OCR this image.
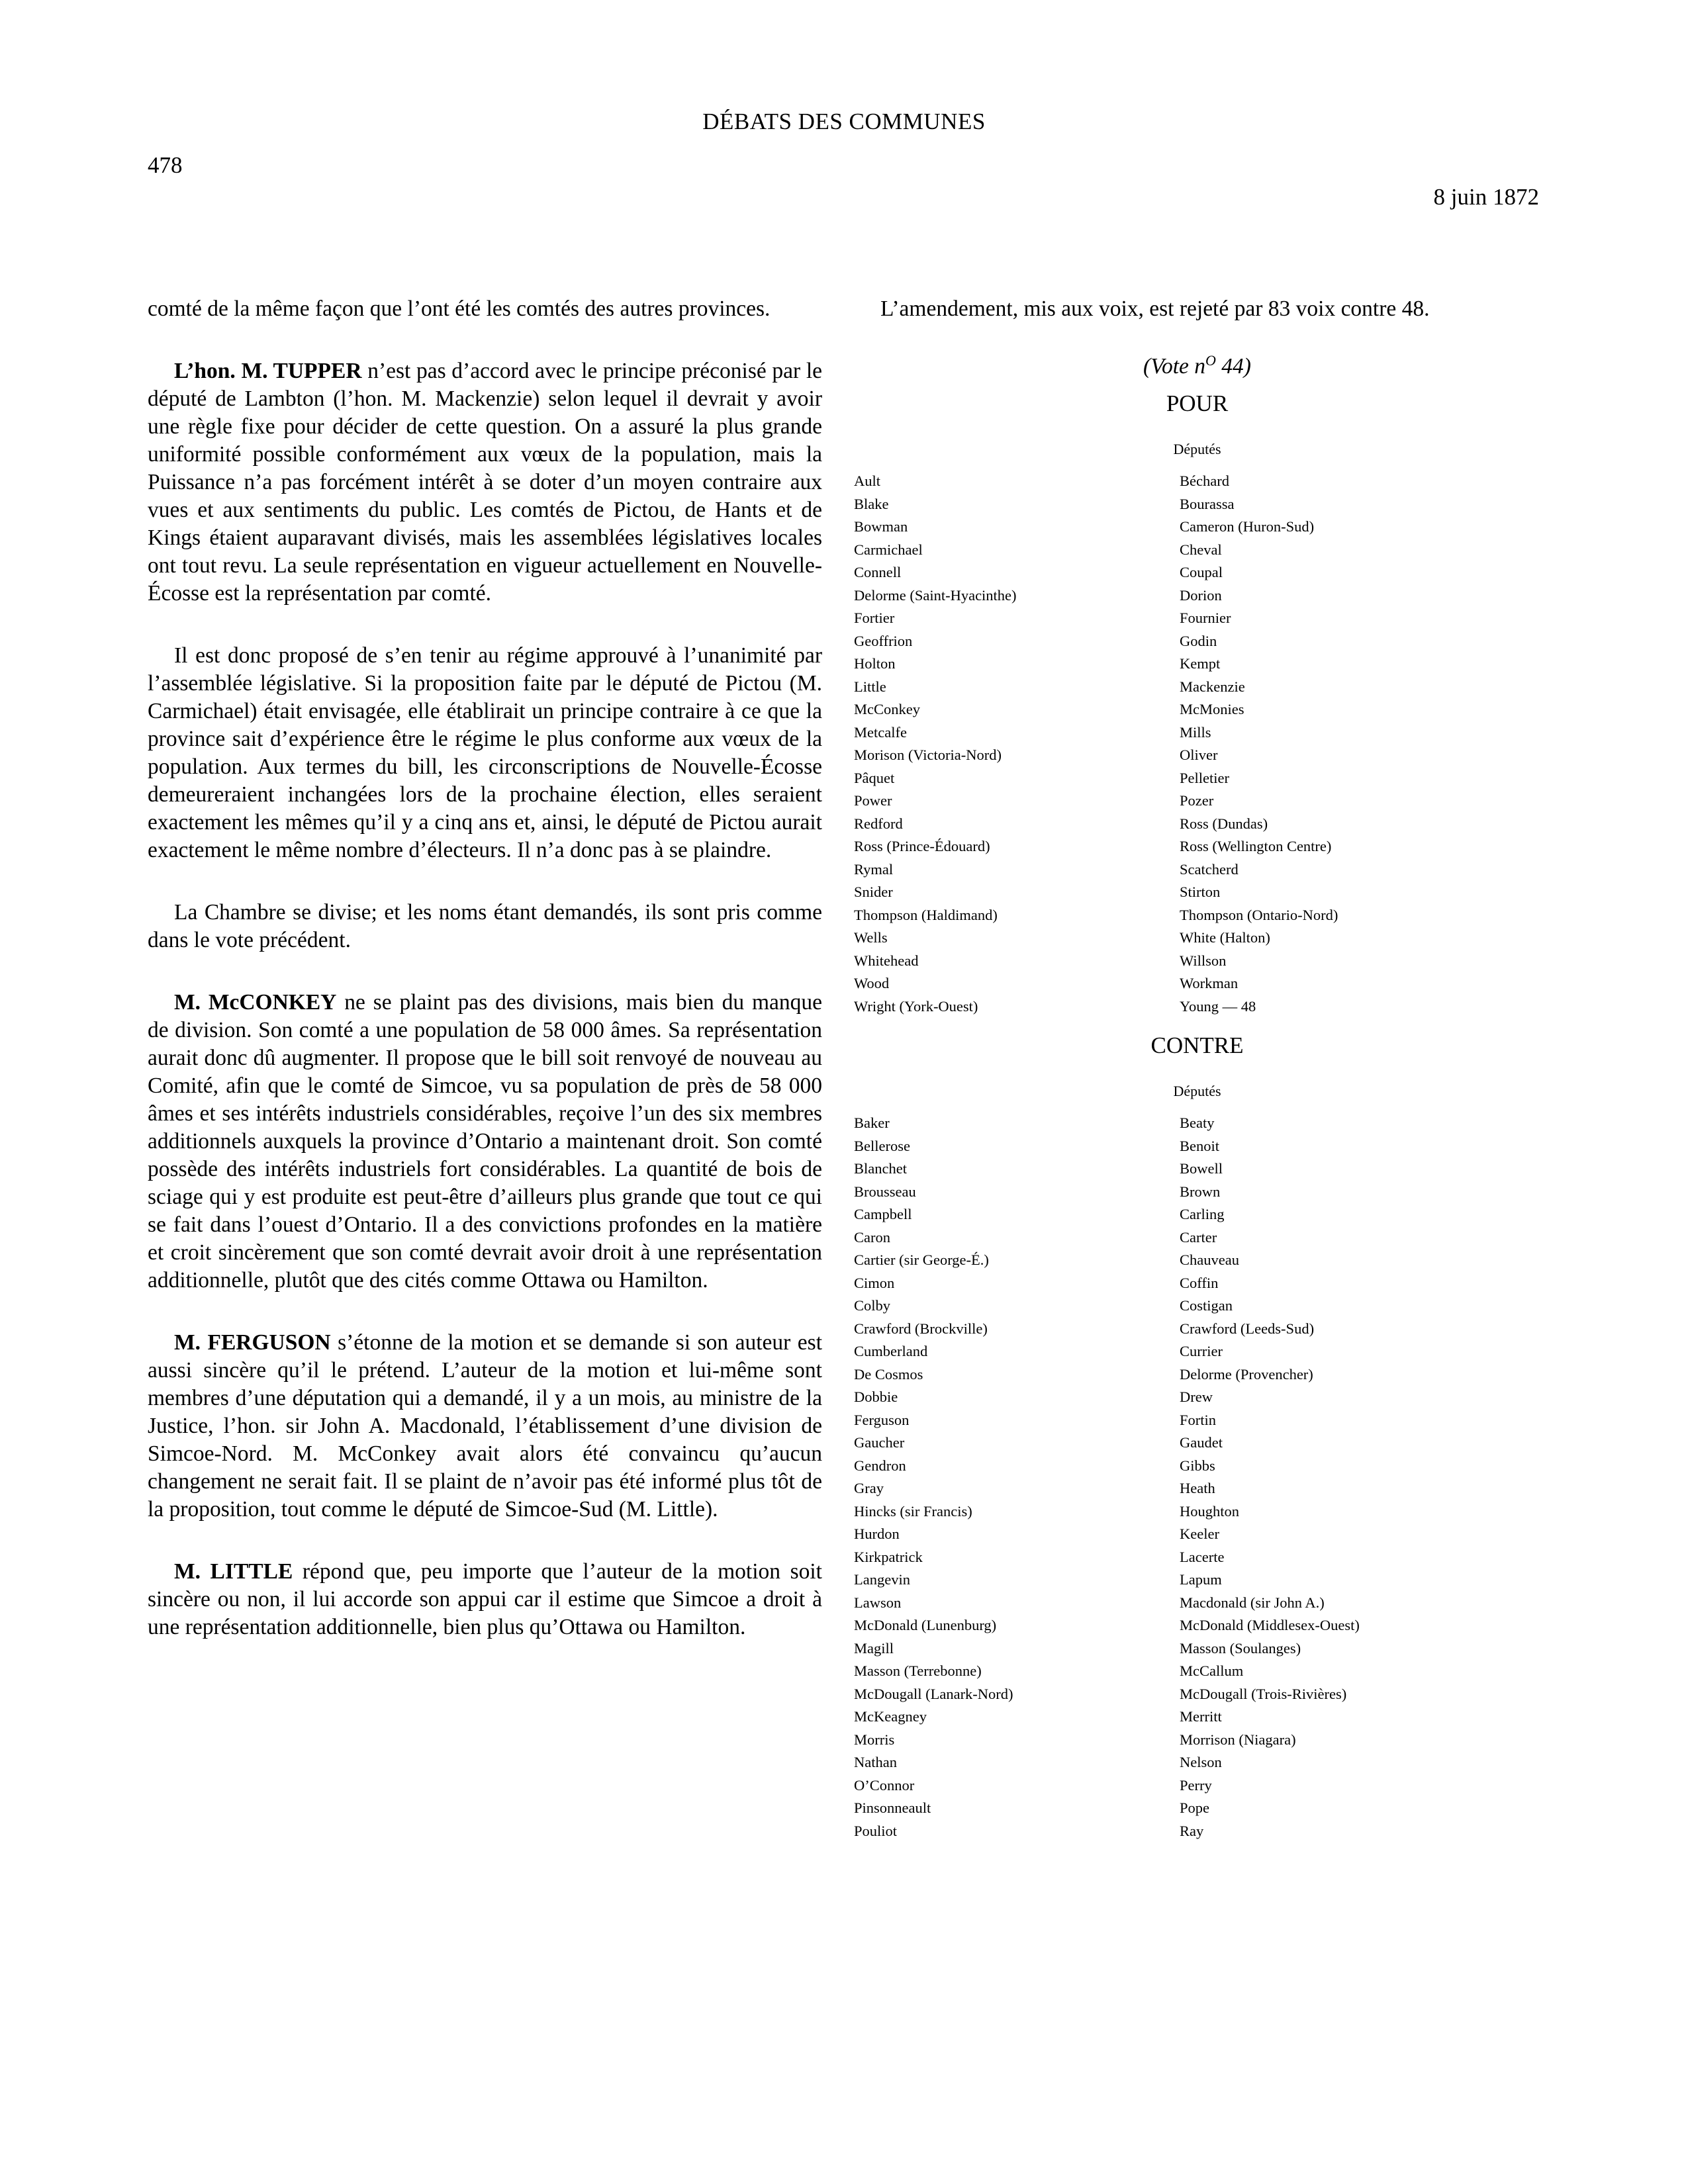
DÉBATS DES COMMUNES
478
8 juin 1872

comté de la même façon que l’ont été les comtés des autres provinces.

L’hon. M. TUPPER n’est pas d’accord avec le principe préconisé par le député de Lambton (l’hon. M. Mackenzie) selon lequel il devrait y avoir une règle fixe pour décider de cette question. On a assuré la plus grande uniformité possible conformément aux vœux de la population, mais la Puissance n’a pas forcément intérêt à se doter d’un moyen contraire aux vues et aux sentiments du public. Les comtés de Pictou, de Hants et de Kings étaient auparavant divisés, mais les assemblées législatives locales ont tout revu. La seule représentation en vigueur actuellement en Nouvelle-Écosse est la représentation par comté.

Il est donc proposé de s’en tenir au régime approuvé à l’unanimité par l’assemblée législative. Si la proposition faite par le député de Pictou (M. Carmichael) était envisagée, elle établirait un principe contraire à ce que la province sait d’expérience être le régime le plus conforme aux vœux de la population. Aux termes du bill, les circonscriptions de Nouvelle-Écosse demeureraient inchangées lors de la prochaine élection, elles seraient exactement les mêmes qu’il y a cinq ans et, ainsi, le député de Pictou aurait exactement le même nombre d’électeurs. Il n’a donc pas à se plaindre.

La Chambre se divise; et les noms étant demandés, ils sont pris comme dans le vote précédent.

M. McCONKEY ne se plaint pas des divisions, mais bien du manque de division. Son comté a une population de 58 000 âmes. Sa représentation aurait donc dû augmenter. Il propose que le bill soit renvoyé de nouveau au Comité, afin que le comté de Simcoe, vu sa population de près de 58 000 âmes et ses intérêts industriels considérables, reçoive l’un des six membres additionnels auxquels la province d’Ontario a maintenant droit. Son comté possède des intérêts industriels fort considérables. La quantité de bois de sciage qui y est produite est peut-être d’ailleurs plus grande que tout ce qui se fait dans l’ouest d’Ontario. Il a des convictions profondes en la matière et croit sincèrement que son comté devrait avoir droit à une représentation additionnelle, plutôt que des cités comme Ottawa ou Hamilton.

M. FERGUSON s’étonne de la motion et se demande si son auteur est aussi sincère qu’il le prétend. L’auteur de la motion et lui-même sont membres d’une députation qui a demandé, il y a un mois, au ministre de la Justice, l’hon. sir John A. Macdonald, l’établissement d’une division de Simcoe-Nord. M. McConkey avait alors été convaincu qu’aucun changement ne serait fait. Il se plaint de n’avoir pas été informé plus tôt de la proposition, tout comme le député de Simcoe-Sud (M. Little).

M. LITTLE répond que, peu importe que l’auteur de la motion soit sincère ou non, il lui accorde son appui car il estime que Simcoe a droit à une représentation additionnelle, bien plus qu’Ottawa ou Hamilton.

L’amendement, mis aux voix, est rejeté par 83 voix contre 48.

(Vote $n^O$ 44)
POUR
Députés
Ault
Blake
Bowman
Carmichael
Connell
Delorme (Saint-Hyacinthe)
Fortier
Geoffrion
Holton
Little
McConkey
Metcalfe
Morison (Victoria-Nord)
Pâquet
Power
Redford
Ross (Prince-Édouard)
Rymal
Snider
Thompson (Haldimand)
Wells
Whitehead
Wood
Wright (York-Ouest)
Béchard
Bourassa
Cameron (Huron-Sud)
Cheval
Coupal
Dorion
Fournier
Godin
Kempt
Mackenzie
McMonies
Mills
Oliver
Pelletier
Pozer
Ross (Dundas)
Ross (Wellington Centre)
Scatcherd
Stirton
Thompson (Ontario-Nord)
White (Halton)
Willson
Workman
Young — 48
CONTRE
Députés
Baker
Bellerose
Blanchet
Brousseau
Campbell
Caron
Cartier (sir George-É.)
Cimon
Colby
Crawford (Brockville)
Cumberland
De Cosmos
Dobbie
Ferguson
Gaucher
Gendron
Gray
Hincks (sir Francis)
Hurdon
Kirkpatrick
Langevin
Lawson
McDonald (Lunenburg)
Magill
Masson (Terrebonne)
McDougall (Lanark-Nord)
McKeagney
Morris
Nathan
O’Connor
Pinsonneault
Pouliot
Beaty
Benoit
Bowell
Brown
Carling
Carter
Chauveau
Coffin
Costigan
Crawford (Leeds-Sud)
Currier
Delorme (Provencher)
Drew
Fortin
Gaudet
Gibbs
Heath
Houghton
Keeler
Lacerte
Lapum
Macdonald (sir John A.)
McDonald (Middlesex-Ouest)
Masson (Soulanges)
McCallum
McDougall (Trois-Rivières)
Merritt
Morrison (Niagara)
Nelson
Perry
Pope
Ray
